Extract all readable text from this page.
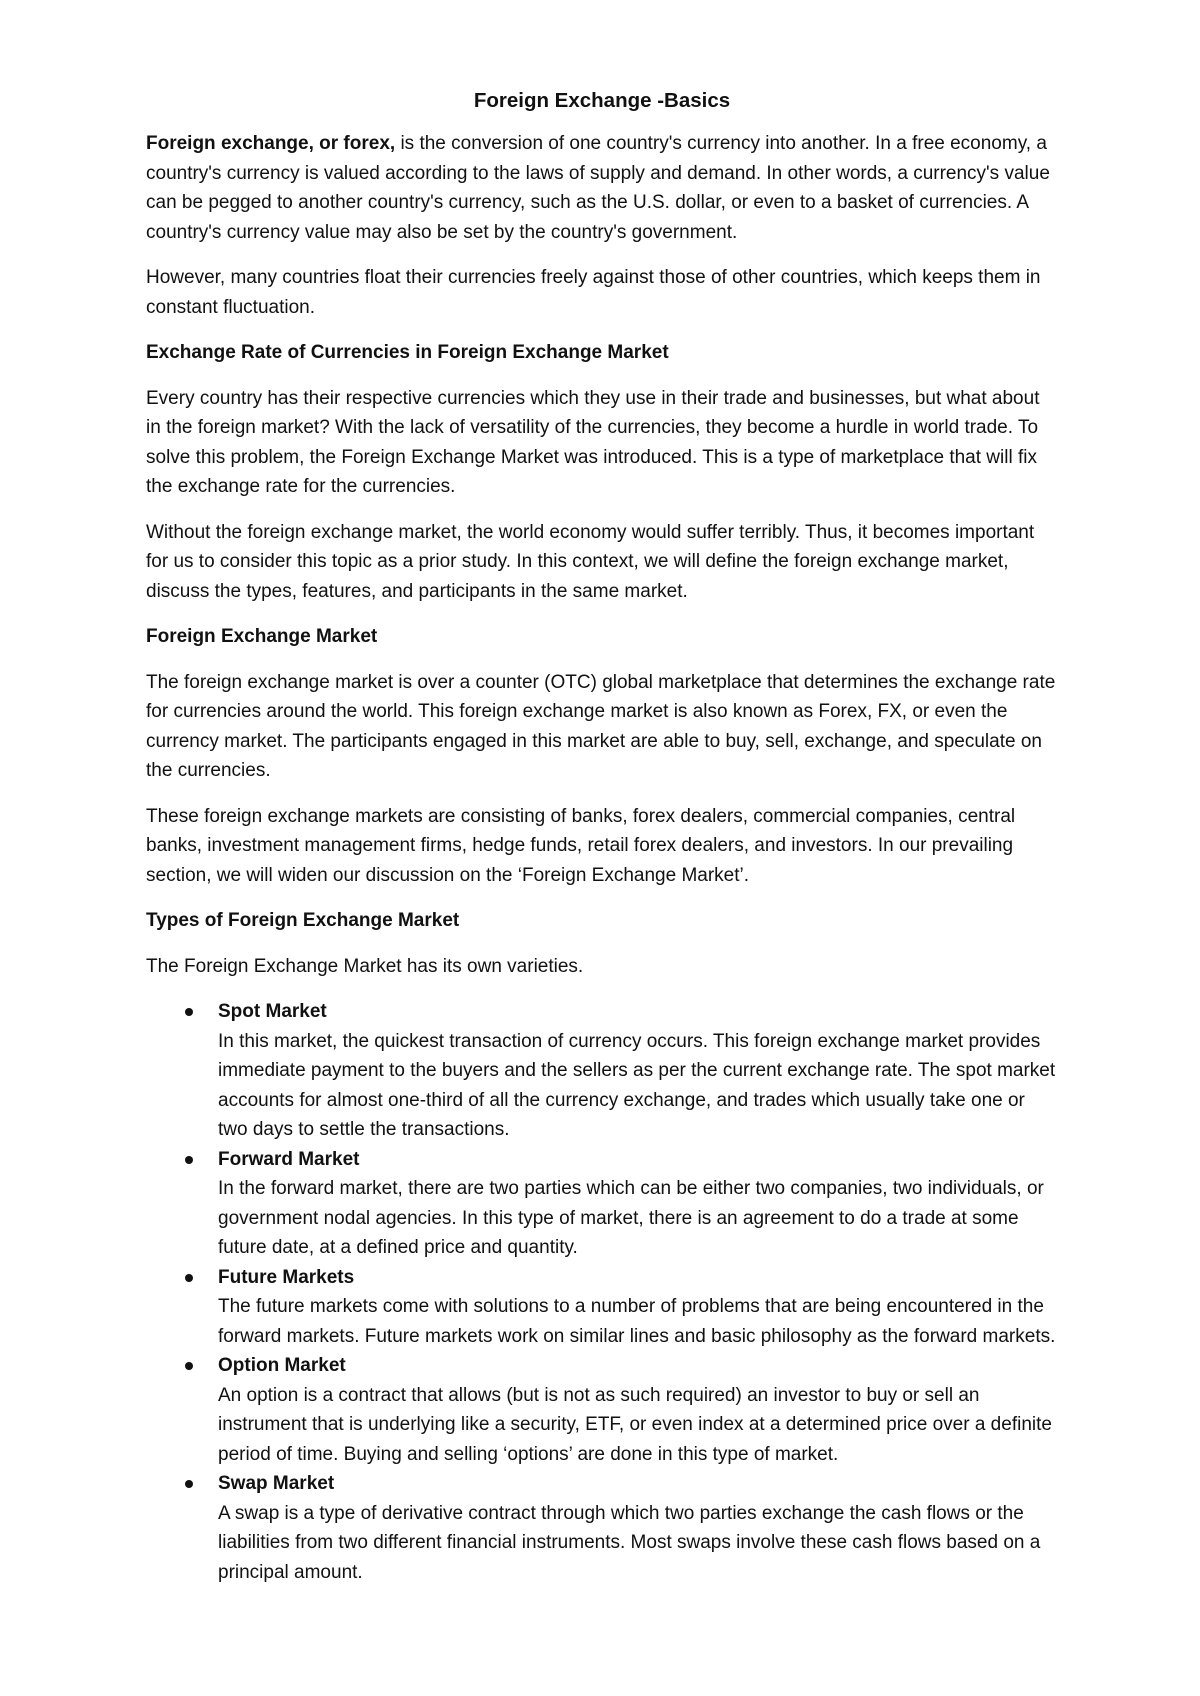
Foreign Exchange -Basics

Foreign exchange, or forex, is the conversion of one country's currency into another. In a free economy, a country's currency is valued according to the laws of supply and demand. In other words, a currency's value can be pegged to another country's currency, such as the U.S. dollar, or even to a basket of currencies. A country's currency value may also be set by the country's government.

However, many countries float their currencies freely against those of other countries, which keeps them in constant fluctuation.

Exchange Rate of Currencies in Foreign Exchange Market

Every country has their respective currencies which they use in their trade and businesses, but what about in the foreign market? With the lack of versatility of the currencies, they become a hurdle in world trade. To solve this problem, the Foreign Exchange Market was introduced. This is a type of marketplace that will fix the exchange rate for the currencies.

Without the foreign exchange market, the world economy would suffer terribly. Thus, it becomes important for us to consider this topic as a prior study. In this context, we will define the foreign exchange market, discuss the types, features, and participants in the same market.

Foreign Exchange Market

The foreign exchange market is over a counter (OTC) global marketplace that determines the exchange rate for currencies around the world. This foreign exchange market is also known as Forex, FX, or even the currency market. The participants engaged in this market are able to buy, sell, exchange, and speculate on the currencies.

These foreign exchange markets are consisting of banks, forex dealers, commercial companies, central banks, investment management firms, hedge funds, retail forex dealers, and investors. In our prevailing section, we will widen our discussion on the ‘Foreign Exchange Market’.

Types of Foreign Exchange Market

The Foreign Exchange Market has its own varieties.

Spot Market
In this market, the quickest transaction of currency occurs. This foreign exchange market provides immediate payment to the buyers and the sellers as per the current exchange rate. The spot market accounts for almost one-third of all the currency exchange, and trades which usually take one or two days to settle the transactions.
Forward Market
In the forward market, there are two parties which can be either two companies, two individuals, or government nodal agencies. In this type of market, there is an agreement to do a trade at some future date, at a defined price and quantity.
Future Markets
The future markets come with solutions to a number of problems that are being encountered in the forward markets. Future markets work on similar lines and basic philosophy as the forward markets.
Option Market
An option is a contract that allows (but is not as such required) an investor to buy or sell an instrument that is underlying like a security, ETF, or even index at a determined price over a definite period of time. Buying and selling ‘options’ are done in this type of market.
Swap Market
A swap is a type of derivative contract through which two parties exchange the cash flows or the liabilities from two different financial instruments. Most swaps involve these cash flows based on a principal amount.
